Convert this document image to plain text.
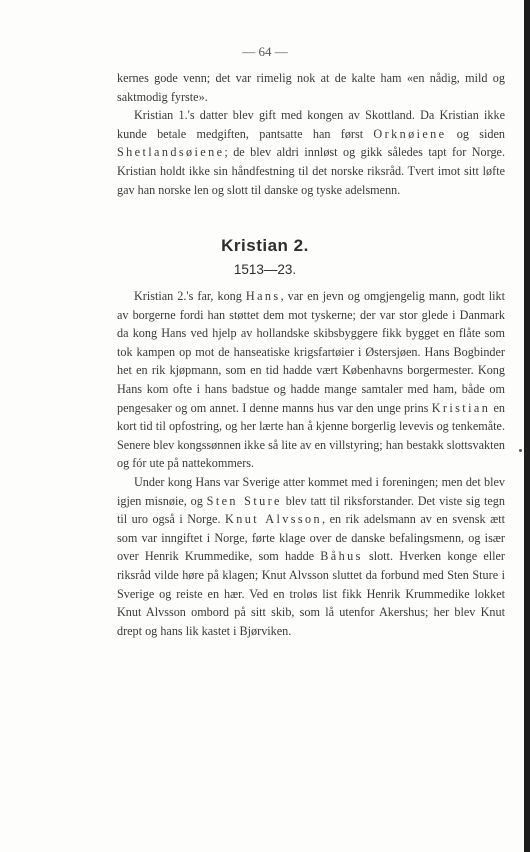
— 64 —

kernes gode venn; det var rimelig nok at de kalte ham «en nådig, mild og saktmodig fyrste».

Kristian 1.'s datter blev gift med kongen av Skottland. Da Kristian ikke kunde betale medgiften, pantsatte han først Orknøiene og siden Shetlandsøiene; de blev aldri innløst og gikk således tapt for Norge. Kristian holdt ikke sin håndfestning til det norske riksråd. Tvert imot sitt løfte gav han norske len og slott til danske og tyske adelsmenn.

Kristian 2.
1513—23.

Kristian 2.'s far, kong Hans, var en jevn og omgjengelig mann, godt likt av borgerne fordi han støttet dem mot tyskerne; der var stor glede i Danmark da kong Hans ved hjelp av hollandske skibsbyggere fikk bygget en flåte som tok kampen op mot de hanseatiske krigsfartøier i Østersjøen. Hans Bogbinder het en rik kjøpmann, som en tid hadde vært Københavns borgermester. Kong Hans kom ofte i hans badstue og hadde mange samtaler med ham, både om pengesaker og om annet. I denne manns hus var den unge prins Kristian en kort tid til opfostring, og her lærte han å kjenne borgerlig levevis og tenkemåte. Senere blev kongssønnen ikke så lite av en villstyring; han bestakk slottsvakten og fór ute på nattekommers.

Under kong Hans var Sverige atter kommet med i foreningen; men det blev igjen misnøie, og Sten Sture blev tatt til riksforstander. Det viste sig tegn til uro også i Norge. Knut Alvsson, en rik adelsmann av en svensk ætt som var inngiftet i Norge, førte klage over de danske befalingsmenn, og især over Henrik Krummedike, som hadde Båhus slott. Hverken konge eller riksråd vilde høre på klagen; Knut Alvsson sluttet da forbund med Sten Sture i Sverige og reiste en hær. Ved en troløs list fikk Henrik Krummedike lokket Knut Alvsson ombord på sitt skib, som lå utenfor Akershus; her blev Knut drept og hans lik kastet i Bjørviken.
